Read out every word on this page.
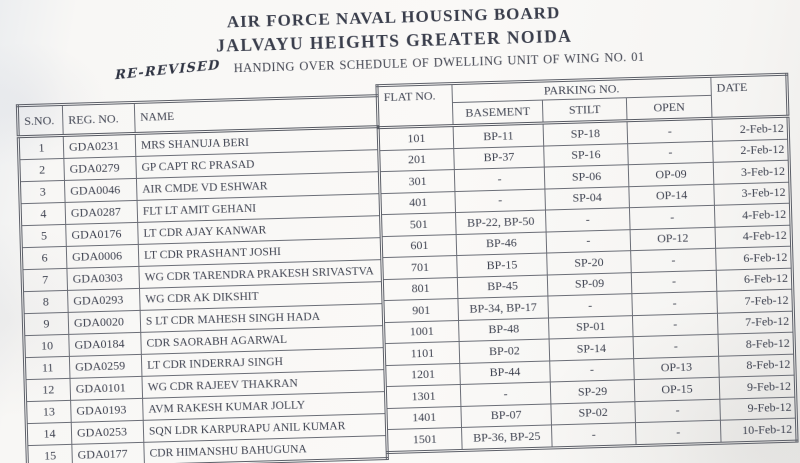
AIR FORCE NAVAL HOUSING BOARD
JALVAYU HEIGHTS GREATER NOIDA
RE-REVISED HANDING OVER SCHEDULE OF DWELLING UNIT OF WING NO. 01
S.NO.	REG. NO.	NAME
1	GDA0231	MRS SHANUJA BERI
2	GDA0279	GP CAPT RC PRASAD
3	GDA0046	AIR CMDE VD ESHWAR
4	GDA0287	FLT LT AMIT GEHANI
5	GDA0176	LT CDR AJAY KANWAR
6	GDA0006	LT CDR PRASHANT JOSHI
7	GDA0303	WG CDR TARENDRA PRAKESH SRIVASTVA
8	GDA0293	WG CDR AK DIKSHIT
9	GDA0020	S LT CDR MAHESH SINGH HADA
10	GDA0184	CDR SAORABH AGARWAL
11	GDA0259	LT CDR INDERRAJ SINGH
12	GDA0101	WG CDR RAJEEV THAKRAN
13	GDA0193	AVM RAKESH KUMAR JOLLY
14	GDA0253	SQN LDR KARPURAPU ANIL KUMAR
15	GDA0177	CDR HIMANSHU BAHUGUNA
FLAT NO.	PARKING NO.			DATE
	BASEMENT	STILT	OPEN	
101	BP-11	SP-18	-	2-Feb-12
201	BP-37	SP-16	-	2-Feb-12
301	-	SP-06	OP-09	3-Feb-12
401	-	SP-04	OP-14	3-Feb-12
501	BP-22, BP-50	-	-	4-Feb-12
601	BP-46	-	OP-12	4-Feb-12
701	BP-15	SP-20	-	6-Feb-12
801	BP-45	SP-09	-	6-Feb-12
901	BP-34, BP-17	-	-	7-Feb-12
1001	BP-48	SP-01	-	7-Feb-12
1101	BP-02	SP-14	-	8-Feb-12
1201	BP-44	-	OP-13	8-Feb-12
1301	-	SP-29	OP-15	9-Feb-12
1401	BP-07	SP-02	-	9-Feb-12
1501	BP-36, BP-25	-	-	10-Feb-12
